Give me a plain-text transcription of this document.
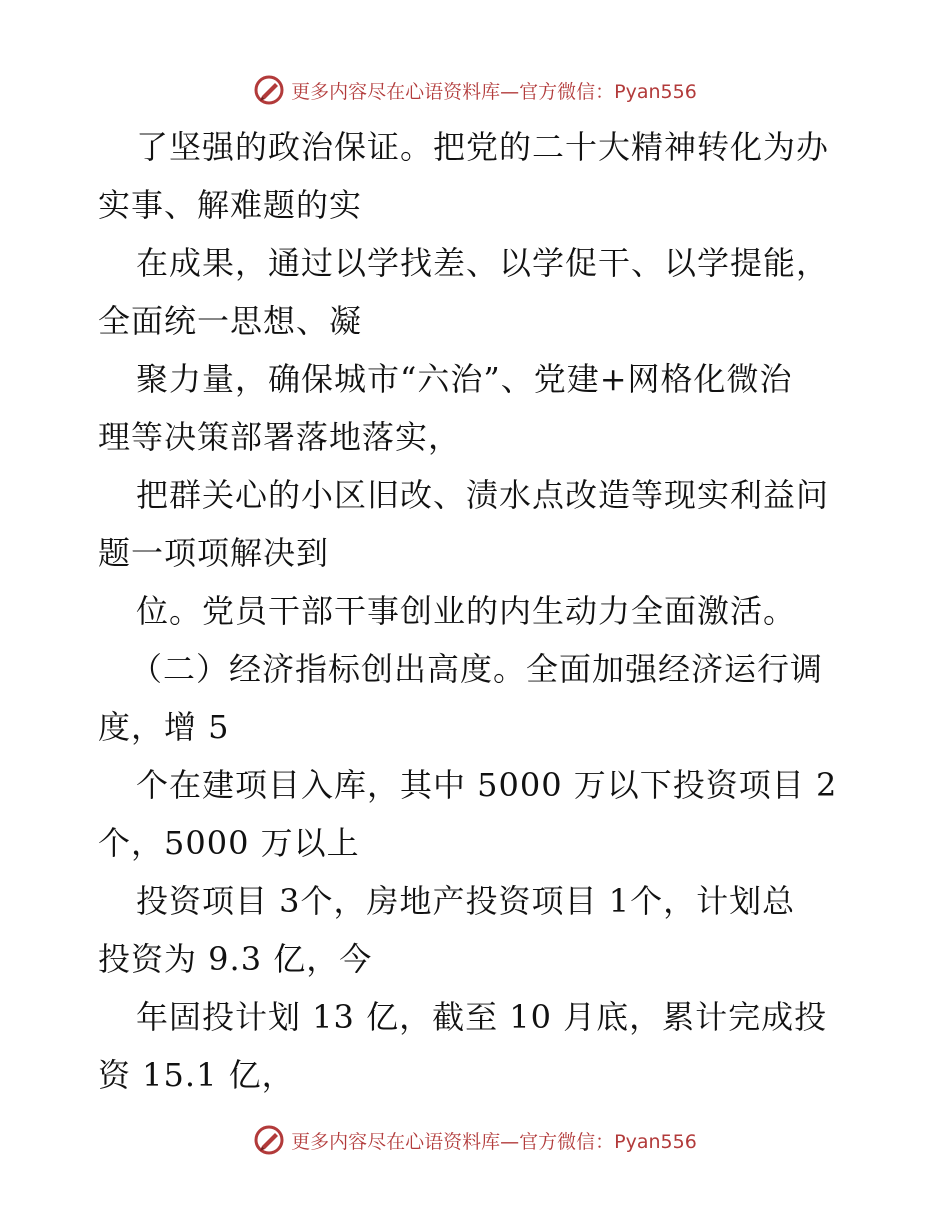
更多内容尽在心语资料库—官方微信：Pyan556
了坚强的政治保证。把党的二十大精神转化为办
实事、解难题的实
在成果，通过以学找差、以学促干、以学提能，
全面统一思想、凝
聚力量，确保城市“六治”、党建+网格化微治
理等决策部署落地落实，
把群关心的小区旧改、渍水点改造等现实利益问
题一项项解决到
位。党员干部干事创业的内生动力全面激活。
（二）经济指标创出高度。全面加强经济运行调
度，增 5
个在建项目入库，其中 5000 万以下投资项目 2
个，5000 万以上
投资项目 3个，房地产投资项目 1个，计划总
投资为 9.3 亿，今
年固投计划 13 亿，截至 10 月底，累计完成投
资 15.1 亿，
更多内容尽在心语资料库—官方微信：Pyan556
